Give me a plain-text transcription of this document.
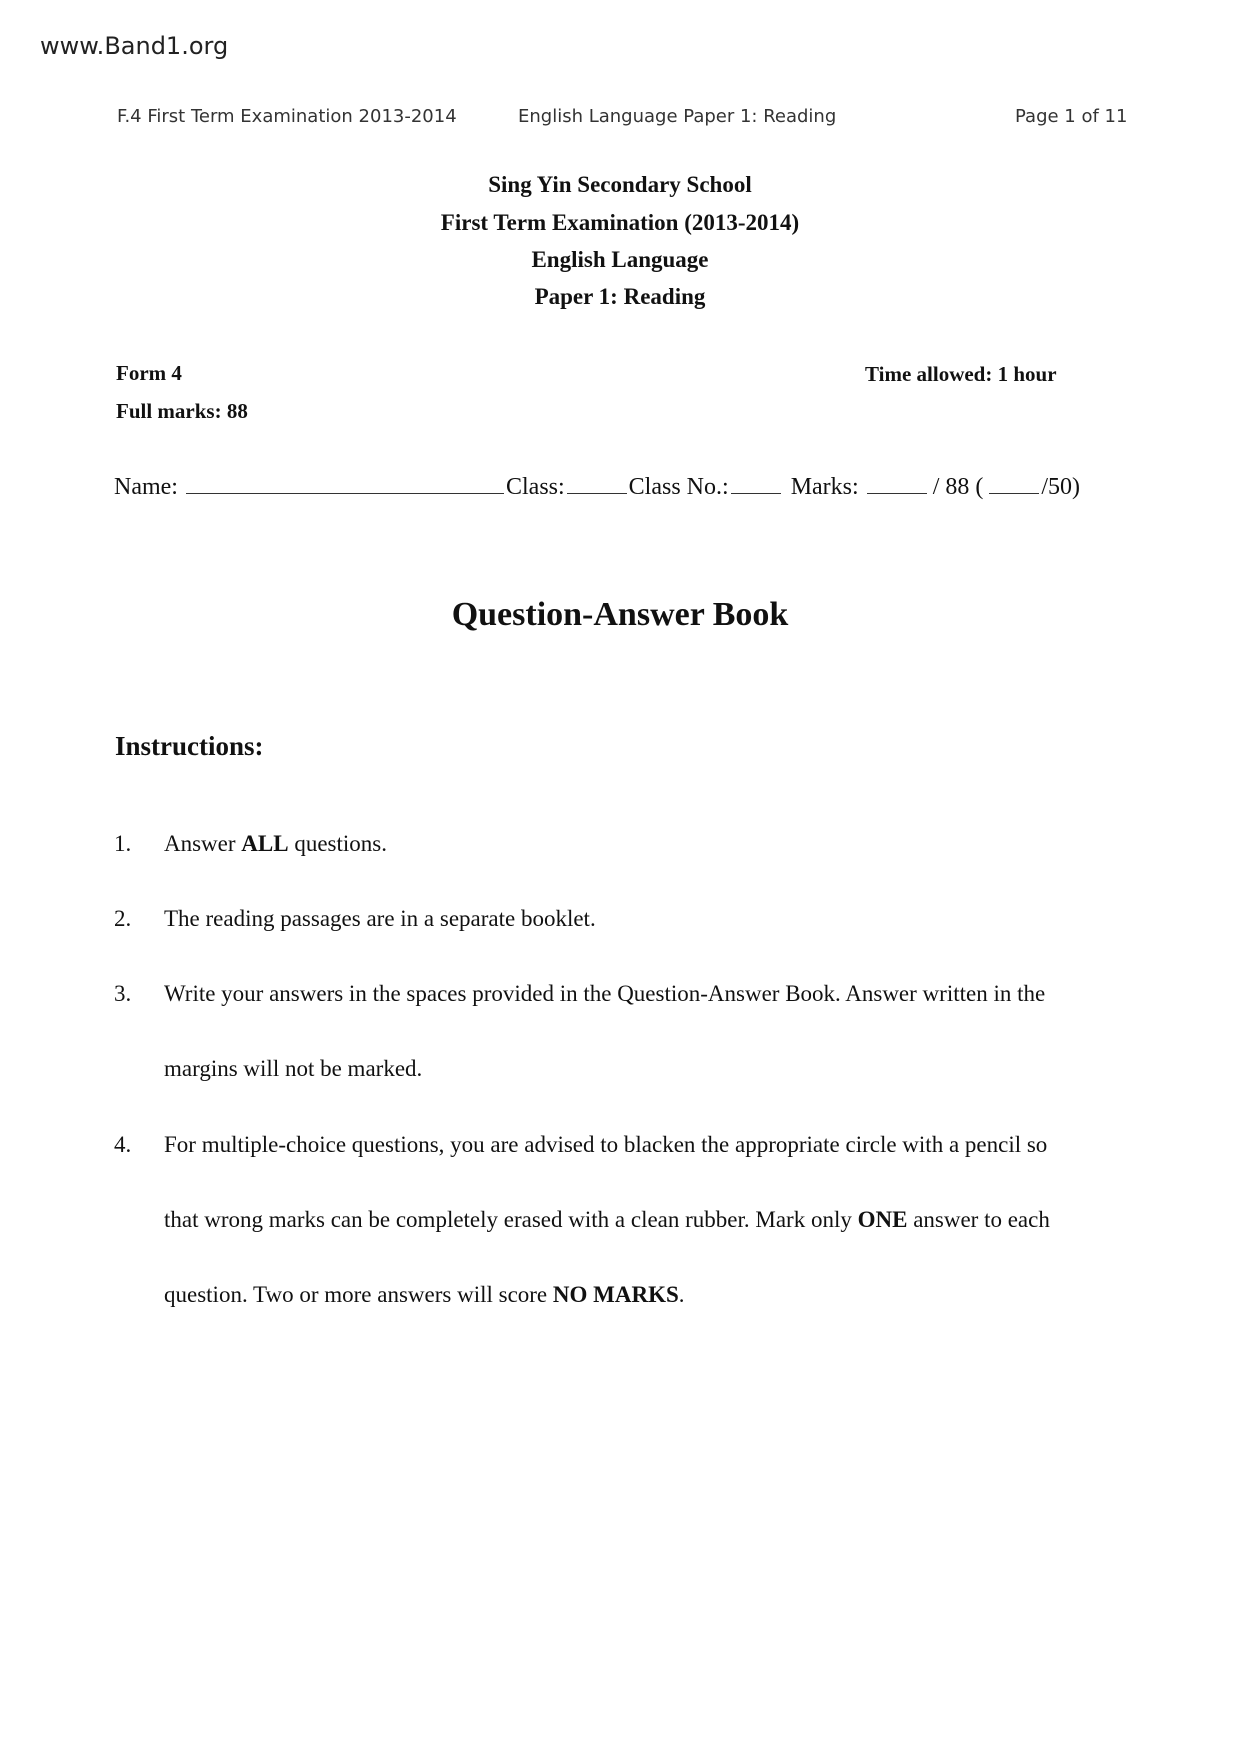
www.Band1.org
F.4 First Term Examination 2013-2014	English Language Paper 1: Reading	Page 1 of 11
Sing Yin Secondary School
First Term Examination (2013-2014)
English Language
Paper 1: Reading
Form 4
Full marks: 88
Time allowed: 1 hour
Name:	Class:	Class No.:	Marks:	/ 88 ( /50)
Question-Answer Book
Instructions:
1. Answer ALL questions.
2. The reading passages are in a separate booklet.
3. Write your answers in the spaces provided in the Question-Answer Book. Answer written in the
margins will not be marked.
4. For multiple-choice questions, you are advised to blacken the appropriate circle with a pencil so
that wrong marks can be completely erased with a clean rubber. Mark only ONE answer to each
question. Two or more answers will score NO MARKS.
